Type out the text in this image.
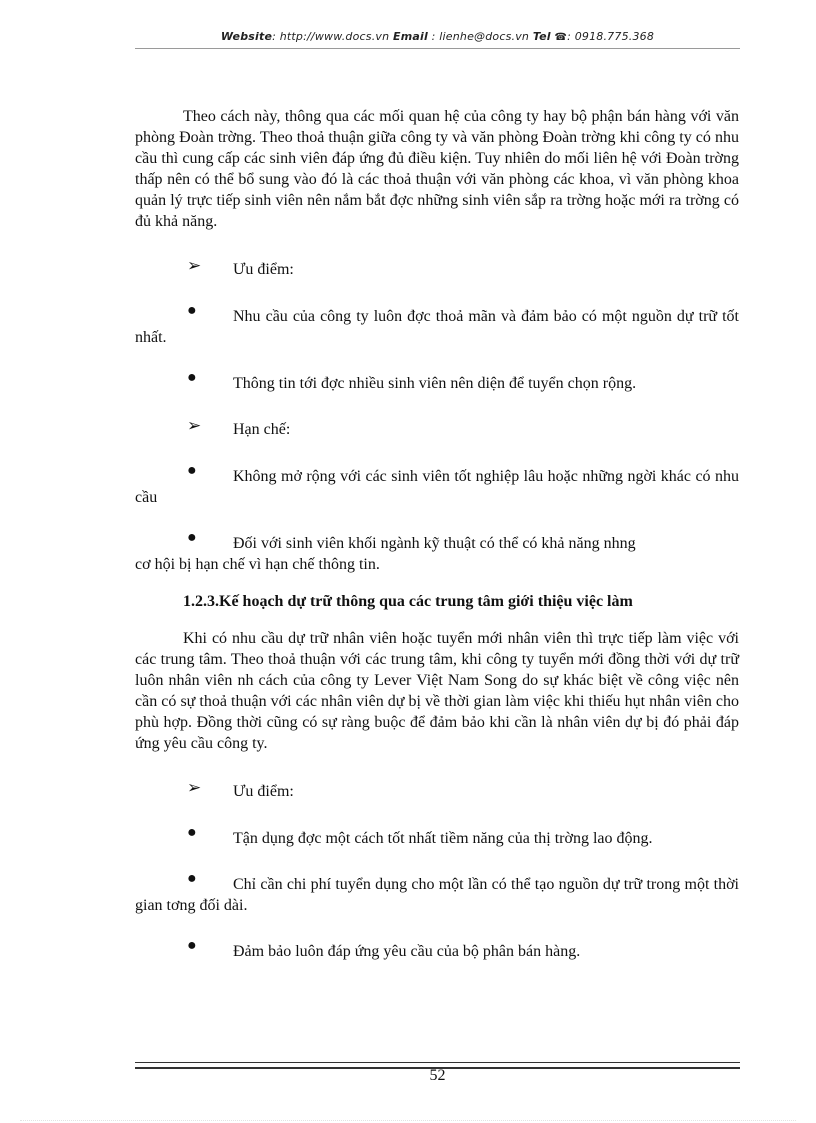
Website: http://www.docs.vn Email : lienhe@docs.vn Tel ☎: 0918.775.368

Theo cách này, thông qua các mối quan hệ của công ty hay bộ phận bán hàng với văn phòng Đoàn trờng. Theo thoả thuận giữa công ty và văn phòng Đoàn trờng khi công ty có nhu cầu thì cung cấp các sinh viên đáp ứng đủ điều kiện. Tuy nhiên do mối liên hệ với Đoàn trờng thấp nên có thể bổ sung vào đó là các thoả thuận với văn phòng các khoa, vì văn phòng khoa quản lý trực tiếp sinh viên nên nắm bắt đợc những sinh viên sắp ra trờng hoặc mới ra trờng có đủ khả năng.

➢ Ưu điểm:

● Nhu cầu của công ty luôn đợc thoả mãn và đảm bảo có một nguồn dự trữ tốt nhất.

● Thông tin tới đợc nhiều sinh viên nên diện để tuyển chọn rộng.

➢ Hạn chế:

● Không mở rộng với các sinh viên tốt nghiệp lâu hoặc những ngời khác có nhu cầu

● Đối với sinh viên khối ngành kỹ thuật có thể có khả năng nhng

cơ hội bị hạn chế vì hạn chế thông tin.

1.2.3.Kế hoạch dự trữ thông qua các trung tâm giới thiệu việc làm

Khi có nhu cầu dự trữ nhân viên hoặc tuyển mới nhân viên thì trực tiếp làm việc với các trung tâm. Theo thoả thuận với các trung tâm, khi công ty tuyển mới đồng thời với dự trữ luôn nhân viên nh cách của công ty Lever Việt Nam Song do sự khác biệt về công việc nên cần có sự thoả thuận với các nhân viên dự bị về thời gian làm việc khi thiếu hụt nhân viên cho phù hợp. Đồng thời cũng có sự ràng buộc để đảm bảo khi cần là nhân viên dự bị đó phải đáp ứng yêu cầu công ty.

➢ Ưu điểm:

● Tận dụng đợc một cách tốt nhất tiềm năng của thị trờng lao động.

● Chỉ cần chi phí tuyển dụng cho một lần có thể tạo nguồn dự trữ trong một thời gian tơng đối dài.

● Đảm bảo luôn đáp ứng yêu cầu của bộ phân bán hàng.

52
